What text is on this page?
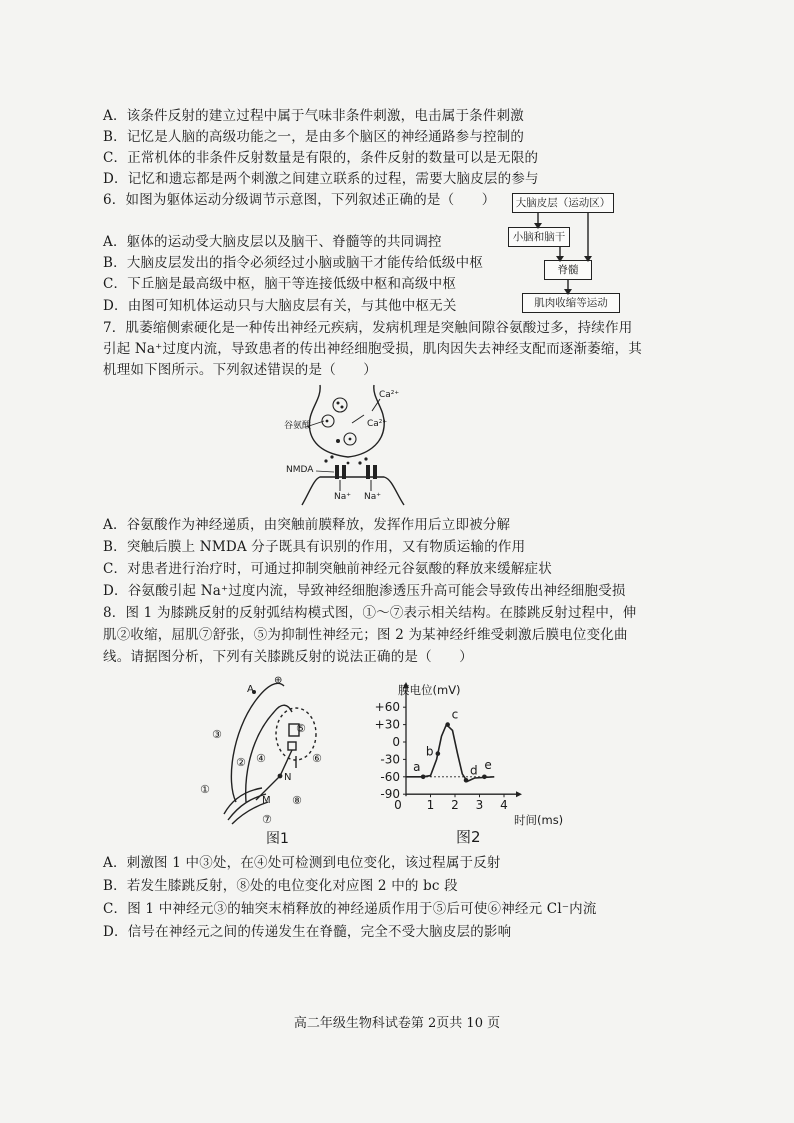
A．该条件反射的建立过程中属于气味非条件刺激，电击属于条件刺激
B．记忆是人脑的高级功能之一，是由多个脑区的神经通路参与控制的
C．正常机体的非条件反射数量是有限的，条件反射的数量可以是无限的
D．记忆和遗忘都是两个刺激之间建立联系的过程，需要大脑皮层的参与
6．如图为躯体运动分级调节示意图，下列叙述正确的是（　　）
A．躯体的运动受大脑皮层以及脑干、脊髓等的共同调控
B．大脑皮层发出的指令必须经过小脑或脑干才能传给低级中枢
C．下丘脑是最高级中枢，脑干等连接低级中枢和高级中枢
D．由图可知机体运动只与大脑皮层有关，与其他中枢无关
大脑皮层（运动区）
小脑和脑干
脊髓
肌肉收缩等运动
7．肌萎缩侧索硬化是一种传出神经元疾病，发病机理是突触间隙谷氨酸过多，持续作用
引起 Na⁺过度内流，导致患者的传出神经细胞受损，肌肉因失去神经支配而逐渐萎缩，其
机理如下图所示。下列叙述错误的是（　　）
谷氨酸
Ca²⁺
Ca²⁺
NMDA
Na⁺ Na⁺
A．谷氨酸作为神经递质，由突触前膜释放，发挥作用后立即被分解
B．突触后膜上 NMDA 分子既具有识别的作用，又有物质运输的作用
C．对患者进行治疗时，可通过抑制突触前神经元谷氨酸的释放来缓解症状
D．谷氨酸引起 Na⁺过度内流，导致神经细胞渗透压升高可能会导致传出神经细胞受损
8．图 1 为膝跳反射的反射弧结构模式图，①～⑦表示相关结构。在膝跳反射过程中，伸
肌②收缩，屈肌⑦舒张，⑤为抑制性神经元；图 2 为某神经纤维受刺激后膜电位变化曲
线。请据图分析，下列有关膝跳反射的说法正确的是（　　）
A
⊕
③
② ④
⑤
⑥
N
①
M ⑧
⑦
图1
+60
+30
0
-30
-60
-90
0 1 2 3 4
a
b
c
d e
膜电位(mV)
时间(ms)
图2
A．刺激图 1 中③处，在④处可检测到电位变化，该过程属于反射
B．若发生膝跳反射，⑧处的电位变化对应图 2 中的 bc 段
C．图 1 中神经元③的轴突末梢释放的神经递质作用于⑤后可使⑥神经元 Cl⁻内流
D．信号在神经元之间的传递发生在脊髓，完全不受大脑皮层的影响
高二年级生物科试卷第 2页共 10 页
